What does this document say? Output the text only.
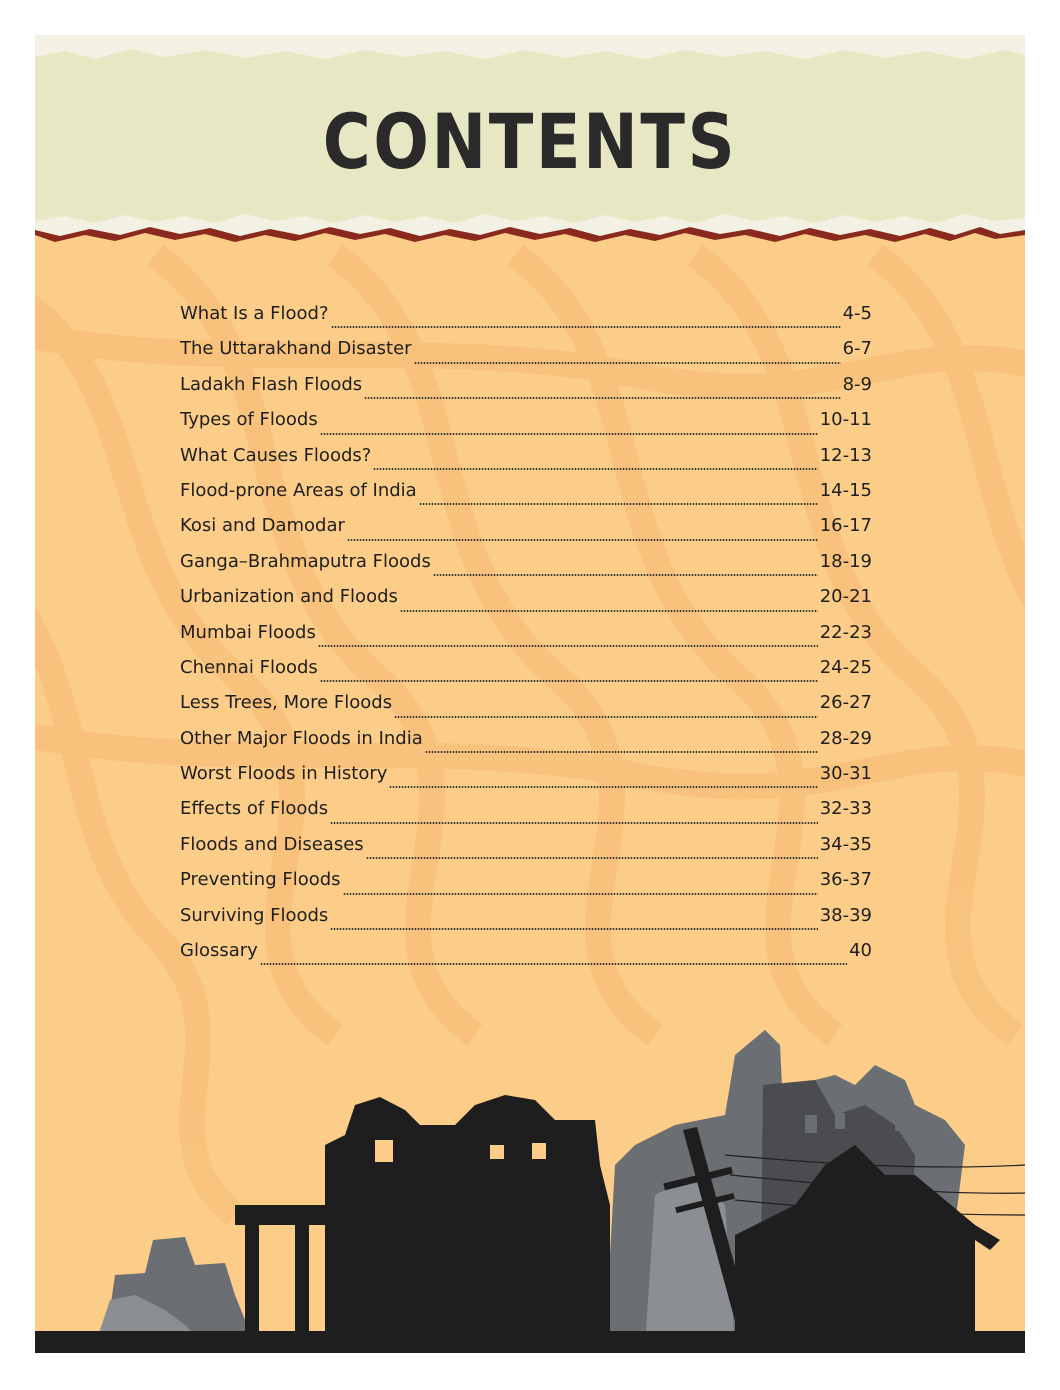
CONTENTS
What Is a Flood?	4-5
The Uttarakhand Disaster	6-7
Ladakh Flash Floods	8-9
Types of Floods	10-11
What Causes Floods?	12-13
Flood-prone Areas of India	14-15
Kosi and Damodar	16-17
Ganga–Brahmaputra Floods	18-19
Urbanization and Floods	20-21
Mumbai Floods	22-23
Chennai Floods	24-25
Less Trees, More Floods	26-27
Other Major Floods in India	28-29
Worst Floods in History	30-31
Effects of Floods	32-33
Floods and Diseases	34-35
Preventing Floods	36-37
Surviving Floods	38-39
Glossary	40
